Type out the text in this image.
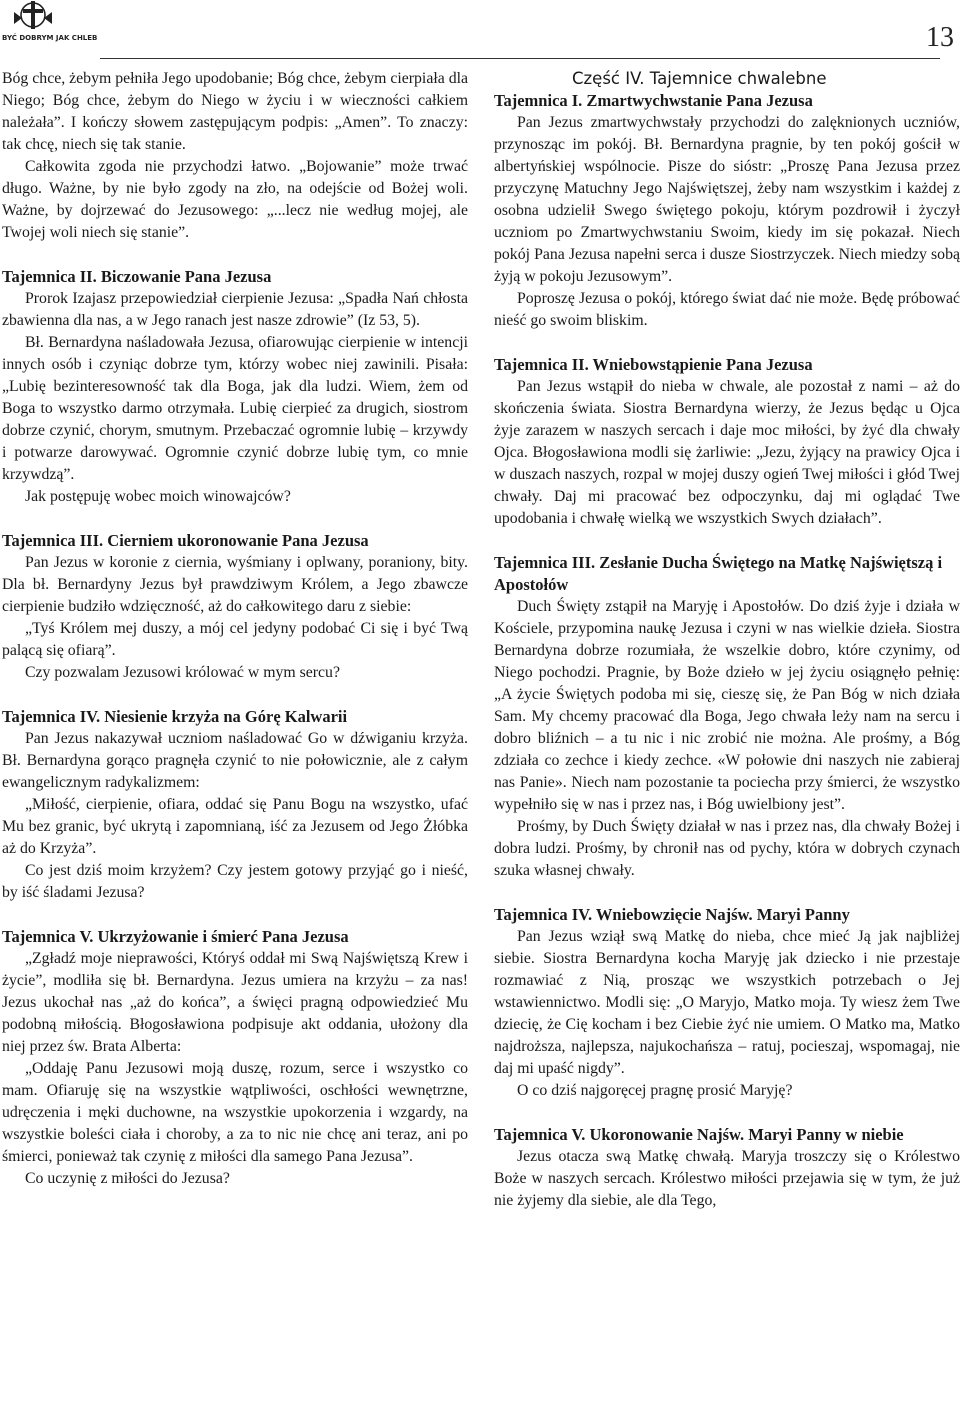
BYĆ DOBRYM JAK CHLEB	13

Bóg chce, żebym pełniła Jego upodobanie; Bóg chce, żebym cierpiała dla Niego; Bóg chce, żebym do Niego w życiu i w wieczności całkiem należała”. I kończy słowem zastępującym podpis: „Amen”. To znaczy: tak chcę, niech się tak stanie.

Całkowita zgoda nie przychodzi łatwo. „Bojowanie” może trwać długo. Ważne, by nie było zgody na zło, na odejście od Bożej woli. Ważne, by dojrzewać do Jezusowego: „...lecz nie według mojej, ale Twojej woli niech się stanie”.

Tajemnica II. Biczowanie Pana Jezusa

Prorok Izajasz przepowiedział cierpienie Jezusa: „Spadła Nań chłosta zbawienna dla nas, a w Jego ranach jest nasze zdrowie” (Iz 53, 5).

Bł. Bernardyna naśladowała Jezusa, ofiarowując cierpienie w intencji innych osób i czyniąc dobrze tym, którzy wobec niej zawinili. Pisała: „Lubię bezinteresowność tak dla Boga, jak dla ludzi. Wiem, żem od Boga to wszystko darmo otrzymała. Lubię cierpieć za drugich, siostrom dobrze czynić, chorym, smutnym. Przebaczać ogromnie lubię – krzywdy i potwarze darowywać. Ogromnie czynić dobrze lubię tym, co mnie krzywdzą”.

Jak postępuję wobec moich winowajców?

Tajemnica III. Cierniem ukoronowanie Pana Jezusa

Pan Jezus w koronie z ciernia, wyśmiany i oplwany, poraniony, bity. Dla bł. Bernardyny Jezus był prawdziwym Królem, a Jego zbawcze cierpienie budziło wdzięczność, aż do całkowitego daru z siebie:

„Tyś Królem mej duszy, a mój cel jedyny podobać Ci się i być Twą palącą się ofiarą”.

Czy pozwalam Jezusowi królować w mym sercu?

Tajemnica IV. Niesienie krzyża na Górę Kalwarii

Pan Jezus nakazywał uczniom naśladować Go w dźwiganiu krzyża. Bł. Bernardyna gorąco pragnęła czynić to nie połowicznie, ale z całym ewangelicznym radykalizmem:

„Miłość, cierpienie, ofiara, oddać się Panu Bogu na wszystko, ufać Mu bez granic, być ukrytą i zapomnianą, iść za Jezusem od Jego Żłóbka aż do Krzyża”.

Co jest dziś moim krzyżem? Czy jestem gotowy przyjąć go i nieść, by iść śladami Jezusa?

Tajemnica V. Ukrzyżowanie i śmierć Pana Jezusa

„Zgładź moje nieprawości, Któryś oddał mi Swą Najświętszą Krew i życie”, modliła się bł. Bernardyna. Jezus umiera na krzyżu – za nas! Jezus ukochał nas „aż do końca”, a święci pragną odpowiedzieć Mu podobną miłością. Błogosławiona podpisuje akt oddania, ułożony dla niej przez św. Brata Alberta:

„Oddaję Panu Jezusowi moją duszę, rozum, serce i wszystko co mam. Ofiaruję się na wszystkie wątpliwości, oschłości wewnętrzne, udręczenia i męki duchowne, na wszystkie upokorzenia i wzgardy, na wszystkie boleści ciała i choroby, a za to nic nie chcę ani teraz, ani po śmierci, ponieważ tak czynię z miłości dla samego Pana Jezusa”.

Co uczynię z miłości do Jezusa?

Część IV. Tajemnice chwalebne
Tajemnica I. Zmartwychwstanie Pana Jezusa

Pan Jezus zmartwychwstały przychodzi do zalęknionych uczniów, przynosząc im pokój. Bł. Bernardyna pragnie, by ten pokój gościł w albertyńskiej wspólnocie. Pisze do sióstr: „Proszę Pana Jezusa przez przyczynę Matuchny Jego Najświętszej, żeby nam wszystkim i każdej z osobna udzielił Swego świętego pokoju, którym pozdrowił i życzył uczniom po Zmartwychwstaniu Swoim, kiedy im się pokazał. Niech pokój Pana Jezusa napełni serca i dusze Siostrzyczek. Niech miedzy sobą żyją w pokoju Jezusowym”.

Poproszę Jezusa o pokój, którego świat dać nie może. Będę próbować nieść go swoim bliskim.

Tajemnica II. Wniebowstąpienie Pana Jezusa

Pan Jezus wstąpił do nieba w chwale, ale pozostał z nami – aż do skończenia świata. Siostra Bernardyna wierzy, że Jezus będąc u Ojca żyje zarazem w naszych sercach i daje moc miłości, by żyć dla chwały Ojca. Błogosławiona modli się żarliwie: „Jezu, żyjący na prawicy Ojca i w duszach naszych, rozpal w mojej duszy ogień Twej miłości i głód Twej chwały. Daj mi pracować bez odpoczynku, daj mi oglądać Twe upodobania i chwałę wielką we wszystkich Swych działach”.

Tajemnica III. Zesłanie Ducha Świętego na Matkę Najświętszą i Apostołów

Duch Święty zstąpił na Maryję i Apostołów. Do dziś żyje i działa w Kościele, przypomina naukę Jezusa i czyni w nas wielkie dzieła. Siostra Bernardyna dobrze rozumiała, że wszelkie dobro, które czynimy, od Niego pochodzi. Pragnie, by Boże dzieło w jej życiu osiągnęło pełnię: „A życie Świętych podoba mi się, cieszę się, że Pan Bóg w nich działa Sam. My chcemy pracować dla Boga, Jego chwała leży nam na sercu i dobro bliźnich – a tu nic i nic zrobić nie można. Ale prośmy, a Bóg zdziała co zechce i kiedy zechce. «W połowie dni naszych nie zabieraj nas Panie». Niech nam pozostanie ta pociecha przy śmierci, że wszystko wypełniło się w nas i przez nas, i Bóg uwielbiony jest”.

Prośmy, by Duch Święty działał w nas i przez nas, dla chwały Bożej i dobra ludzi. Prośmy, by chronił nas od pychy, która w dobrych czynach szuka własnej chwały.

Tajemnica IV. Wniebowzięcie Najśw. Maryi Panny

Pan Jezus wziął swą Matkę do nieba, chce mieć Ją jak najbliżej siebie. Siostra Bernardyna kocha Maryję jak dziecko i nie przestaje rozmawiać z Nią, prosząc we wszystkich potrzebach o Jej wstawiennictwo. Modli się: „O Maryjo, Matko moja. Ty wiesz żem Twe dziecię, że Cię kocham i bez Ciebie żyć nie umiem. O Matko ma, Matko najdroższa, najlepsza, najukochańsza – ratuj, pocieszaj, wspomagaj, nie daj mi upaść nigdy”.

O co dziś najgoręcej pragnę prosić Maryję?

Tajemnica V. Ukoronowanie Najśw. Maryi Panny w niebie

Jezus otacza swą Matkę chwałą. Maryja troszczy się o Królestwo Boże w naszych sercach. Królestwo miłości przejawia się w tym, że już nie żyjemy dla siebie, ale dla Tego,
